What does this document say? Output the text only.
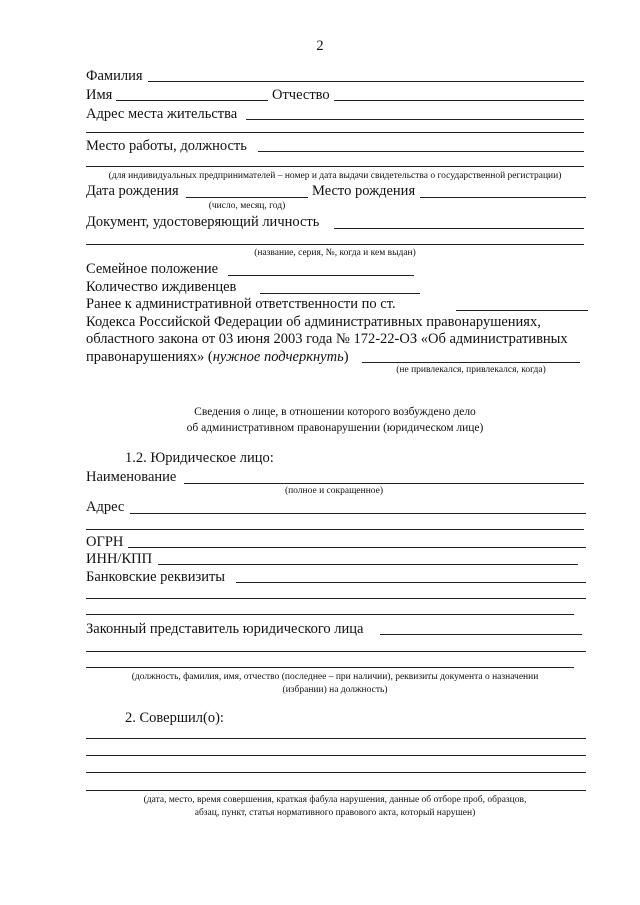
2
Фамилия
Имя	Отчество
Адрес места жительства
Место работы, должность
(для индивидуальных предпринимателей – номер и дата выдачи свидетельства о государственной регистрации)
Дата рождения	Место рождения
(число, месяц, год)
Документ, удостоверяющий личность
(название, серия, №, когда и кем выдан)
Семейное положение
Количество иждивенцев
Ранее к административной ответственности по ст.
Кодекса Российской Федерации об административных правонарушениях,
областного закона от 03 июня 2003 года № 172-22-ОЗ «Об административных
правонарушениях» (нужное подчеркнуть)
(не привлекался, привлекался, когда)
Сведения о лице, в отношении которого возбуждено дело
об административном правонарушении (юридическом лице)
1.2. Юридическое лицо:
Наименование
(полное и сокращенное)
Адрес
ОГРН
ИНН/КПП
Банковские реквизиты
Законный представитель юридического лица
(должность, фамилия, имя, отчество (последнее – при наличии), реквизиты документа о назначении
(избрании) на должность)
2. Совершил(о):
(дата, место, время совершения, краткая фабула нарушения, данные об отборе проб, образцов,
абзац, пункт, статья нормативного правового акта, который нарушен)
